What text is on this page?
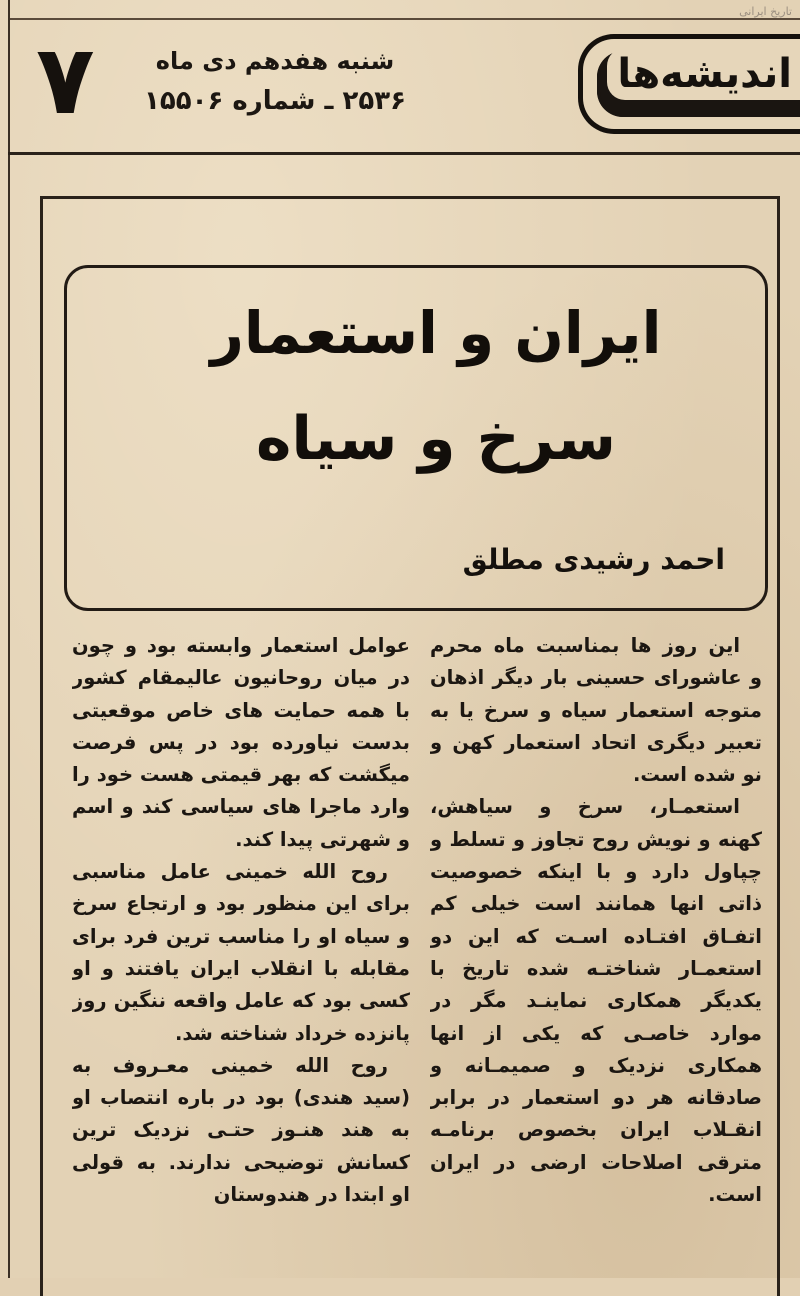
تاریخ ایرانی
اندیشه‌ها
۷	شنبه هفدهم دی ماه
۲۵۳۶ ـ شماره ۱۵۵۰۶
ایران و استعمار
سرخ و سیاه
احمد رشیدی مطلق
این روز ها بمناسبت ماه محرم
و عاشورای حسینی بار دیگر اذهان
متوجه استعمار سیاه و سرخ یا به
تعبیر دیگری اتحاد استعمار کهن و
نو شده است.
استعمـار، سرخ و سیاهش،
کهنه و نویش روح تجاوز و تسلط و
چپاول دارد و با اینکه خصوصیت
ذاتی انها همانند است خیلی کم
اتفـاق افتـاده اسـت که این دو
استعمـار شناختـه شده تاریخ با
یکدیگر همکاری نماینـد مگر در
موارد خاصـی که یکی از انها
همکاری نزدیک و صمیمـانه و
صادقانه هر دو استعمار در برابر
انقـلاب ایران بخصوص برنامـه
مترقی اصلاحات ارضی در ایران
است.
عوامل استعمار وابسته بود و چون
در میان روحانیون عالیمقام کشور
با همه حمایت های خاص موقعیتی
بدست نیاورده بود در پس فرصت
میگشت که بهر قیمتی هست خود را
وارد ماجرا های سیاسی کند و اسم
و شهرتی پیدا کند.
روح الله خمینی عامل مناسبی
برای این منظور بود و ارتجاع سرخ
و سیاه او را مناسب ترین فرد برای
مقابله با انقلاب ایران یافتند و او
کسی بود که عامل واقعه ننگین روز
پانزده خرداد شناخته شد.
روح الله خمینی معـروف به
(سید هندی) بود در باره انتصاب او
به هند هنـوز حتـی نزدیک ترین
کسانش توضیحی ندارند. به قولی
او ابتدا در هندوستان
